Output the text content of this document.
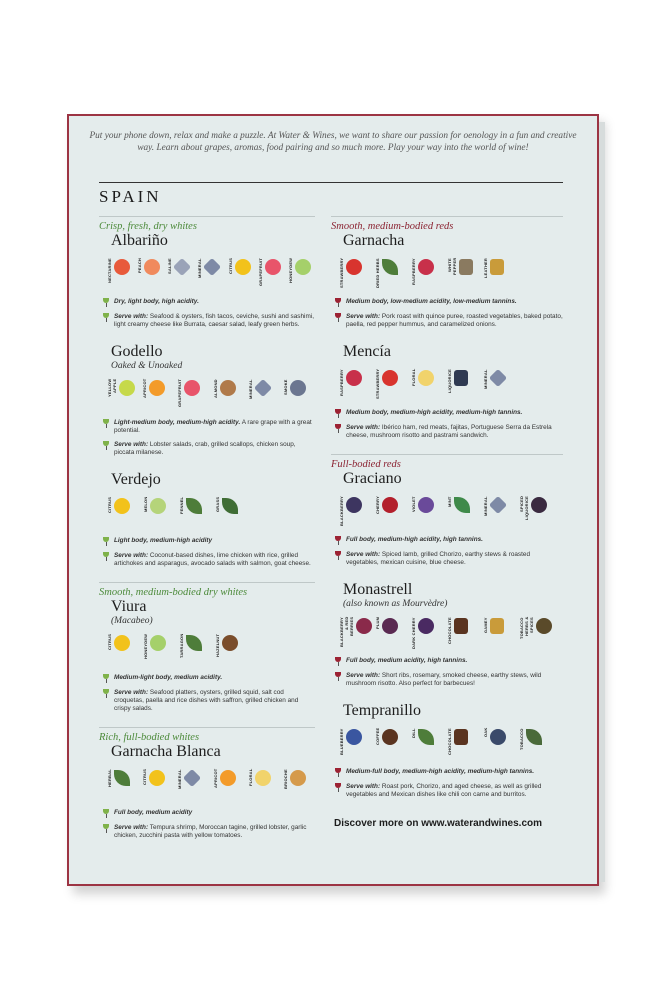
Put your phone down, relax and make a puzzle. At Water & Wines, we want to share our passion for oenology in a fun and creative way. Learn about grapes, aromas, food pairing and so much more. Play your way into the world of wine!

SPAIN
Crisp, fresh, dry whites
Albariño
NECTARINE	PEACH	SALINE	MINERAL	CITRUS	GRAPEFRUIT	HONEYDEW
Dry, light body, high acidity.
Serve with: Seafood & oysters, fish tacos, ceviche, sushi and sashimi, light creamy cheese like Burrata, caesar salad, leafy green herbs.
Godello
Oaked & Unoaked
YELLOW APPLE	APRICOT	GRAPEFRUIT	ALMOND	MINERAL	SMOKE
Light-medium body, medium-high acidity. A rare grape with a great potential.
Serve with: Lobster salads, crab, grilled scallops, chicken soup, piccata milanese.
Verdejo
CITRUS	MELON	FENNEL	GRASS
Light body, medium-high acidity
Serve with: Coconut-based dishes, lime chicken with rice, grilled artichokes and asparagus, avocado salads with salmon, goat cheese.
Smooth, medium-bodied dry whites
Viura
(Macabeo)
CITRUS	HONEYDEW	TARRAGON	HAZELNUT
Medium-light body, medium acidity.
Serve with: Seafood platters, oysters, grilled squid, salt cod croquetas, paella and rice dishes with saffron, grilled chicken and crispy salads.
Rich, full-bodied whites
Garnacha Blanca
HERBAL	CITRUS	MINERAL	APRICOT	FLORAL	BRIOCHE
Full body, medium acidity
Serve with: Tempura shrimp, Moroccan tagine, grilled lobster, garlic chicken, zucchini pasta with yellow tomatoes.
Smooth, medium-bodied reds
Garnacha
STRAWBERRY	DRIED HERBS	RASPBERRY	WHITE PEPPER	LEATHER
Medium body, low-medium acidity, low-medium tannins.
Serve with: Pork roast with quince puree, roasted vegetables, baked potato, paella, red pepper hummus, and caramelized onions.
Mencía
RASPBERRY	STRAWBERRY	FLORAL	LIQUORICE	MINERAL
Medium body, medium-high acidity, medium-high tannins.
Serve with: Ibérico ham, red meats, fajitas, Portuguese Serra da Estrela cheese, mushroom risotto and pastrami sandwich.
Full-bodied reds
Graciano
BLACKBERRY	CHERRY	VIOLET	MINT	MINERAL	SPICED LIQUORICE
Full body, medium-high acidity, high tannins.
Serve with: Spiced lamb, grilled Chorizo, earthy stews & roasted vegetables, mexican cuisine, blue cheese.
Monastrell
(also known as Mourvèdre)
BLACKBERRY & RED BERRIES	PLUM	DARK CHERRY	CHOCOLATE	GAMEY	TOBACCO HERBS & SPICES
Full body, medium acidity, high tannins.
Serve with: Short ribs, rosemary, smoked cheese, earthy stews, wild mushroom risotto. Also perfect for barbecues!
Tempranillo
BLUEBERRY	COFFEE	DILL	CHOCOLATE	OAK	TOBACCO
Medium-full body, medium-high acidity, medium-high tannins.
Serve with: Roast pork, Chorizo, and aged cheese, as well as grilled vegetables and Mexican dishes like chili con carne and burritos.
Discover more on www.waterandwines.com
